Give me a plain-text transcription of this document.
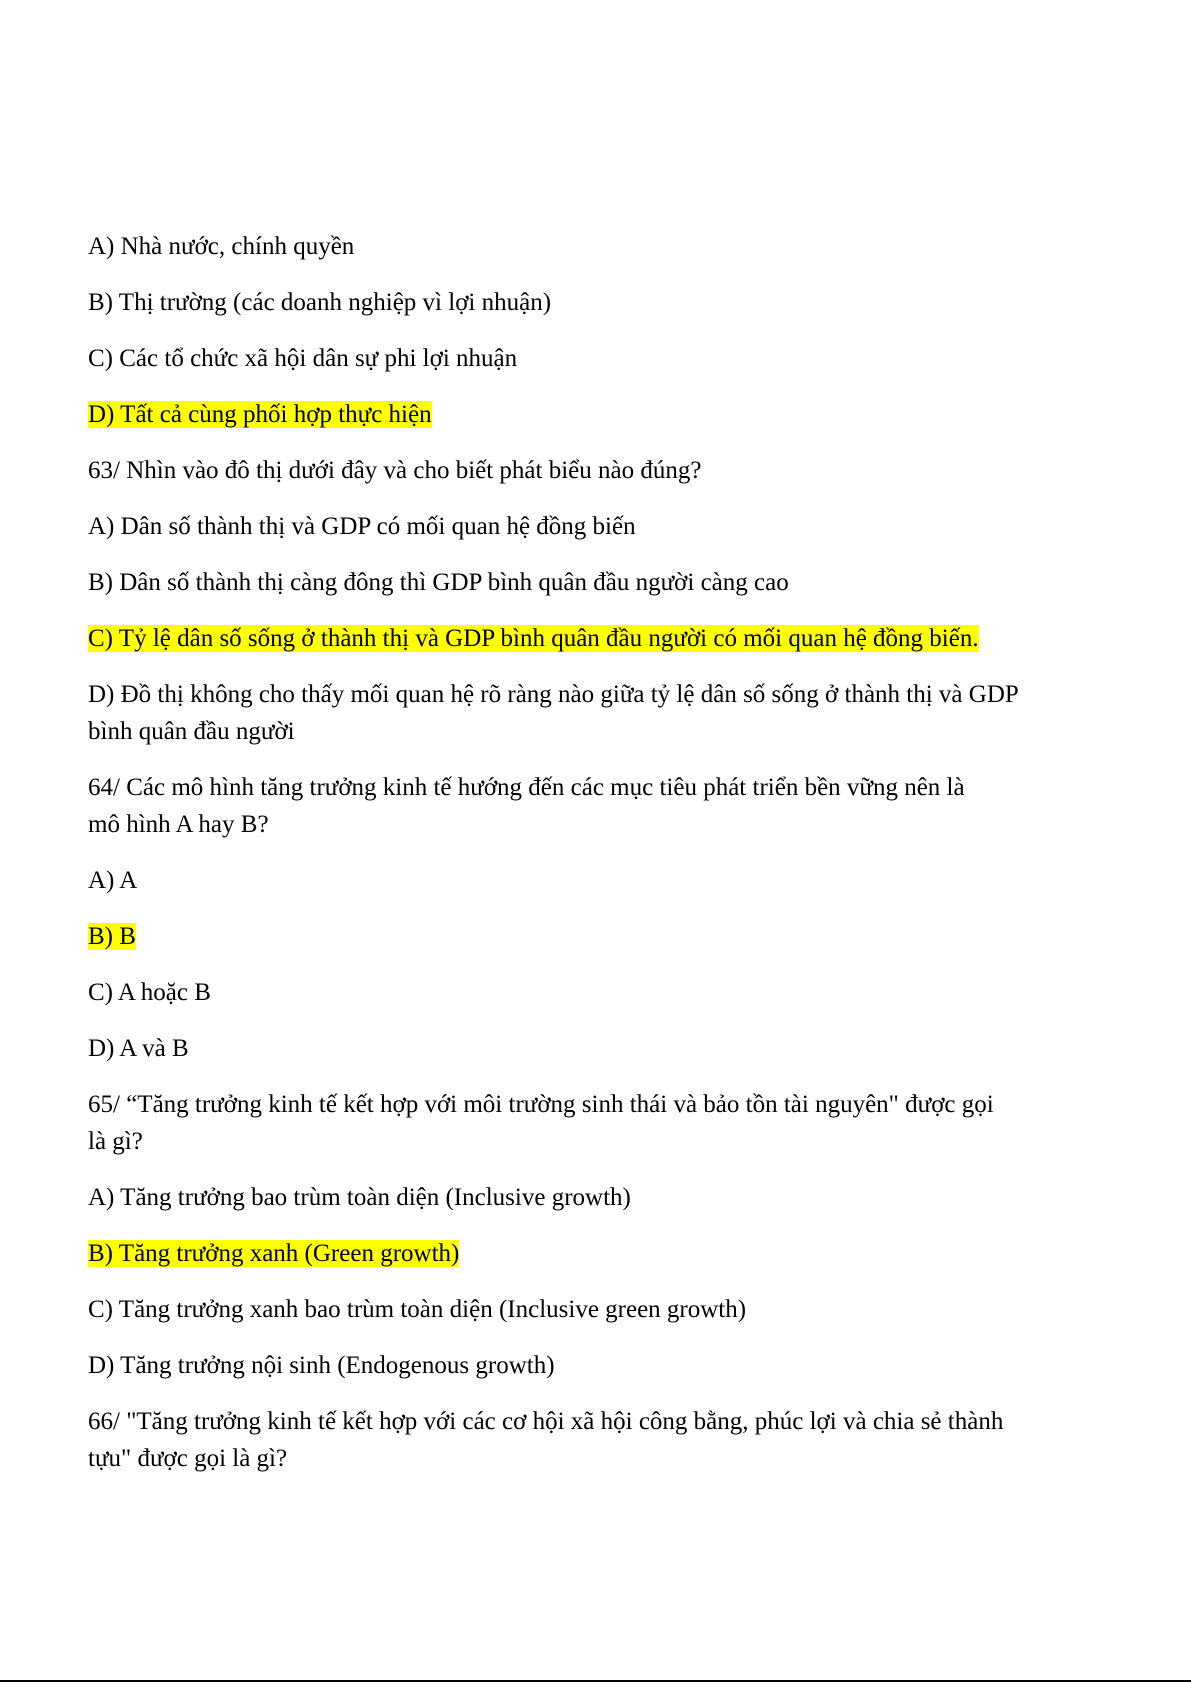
A) Nhà nước, chính quyền

B) Thị trường (các doanh nghiệp vì lợi nhuận)

C) Các tổ chức xã hội dân sự phi lợi nhuận

D) Tất cả cùng phối hợp thực hiện

63/ Nhìn vào đô thị dưới đây và cho biết phát biểu nào đúng?

A) Dân số thành thị và GDP có mối quan hệ đồng biến

B) Dân số thành thị càng đông thì GDP bình quân đầu người càng cao

C) Tỷ lệ dân số sống ở thành thị và GDP bình quân đầu người có mối quan hệ đồng biến.

D) Đồ thị không cho thấy mối quan hệ rõ ràng nào giữa tỷ lệ dân số sống ở thành thị và GDP bình quân đầu người

64/ Các mô hình tăng trưởng kinh tế hướng đến các mục tiêu phát triển bền vững nên là mô hình A hay B?

A) A

B) B

C) A hoặc B

D) A và B

65/ “Tăng trưởng kinh tế kết hợp với môi trường sinh thái và bảo tồn tài nguyên" được gọi là gì?

A) Tăng trưởng bao trùm toàn diện (Inclusive growth)

B) Tăng trưởng xanh (Green growth)

C) Tăng trưởng xanh bao trùm toàn diện (Inclusive green growth)

D) Tăng trưởng nội sinh (Endogenous growth)

66/ "Tăng trưởng kinh tế kết hợp với các cơ hội xã hội công bằng, phúc lợi và chia sẻ thành tựu" được gọi là gì?
